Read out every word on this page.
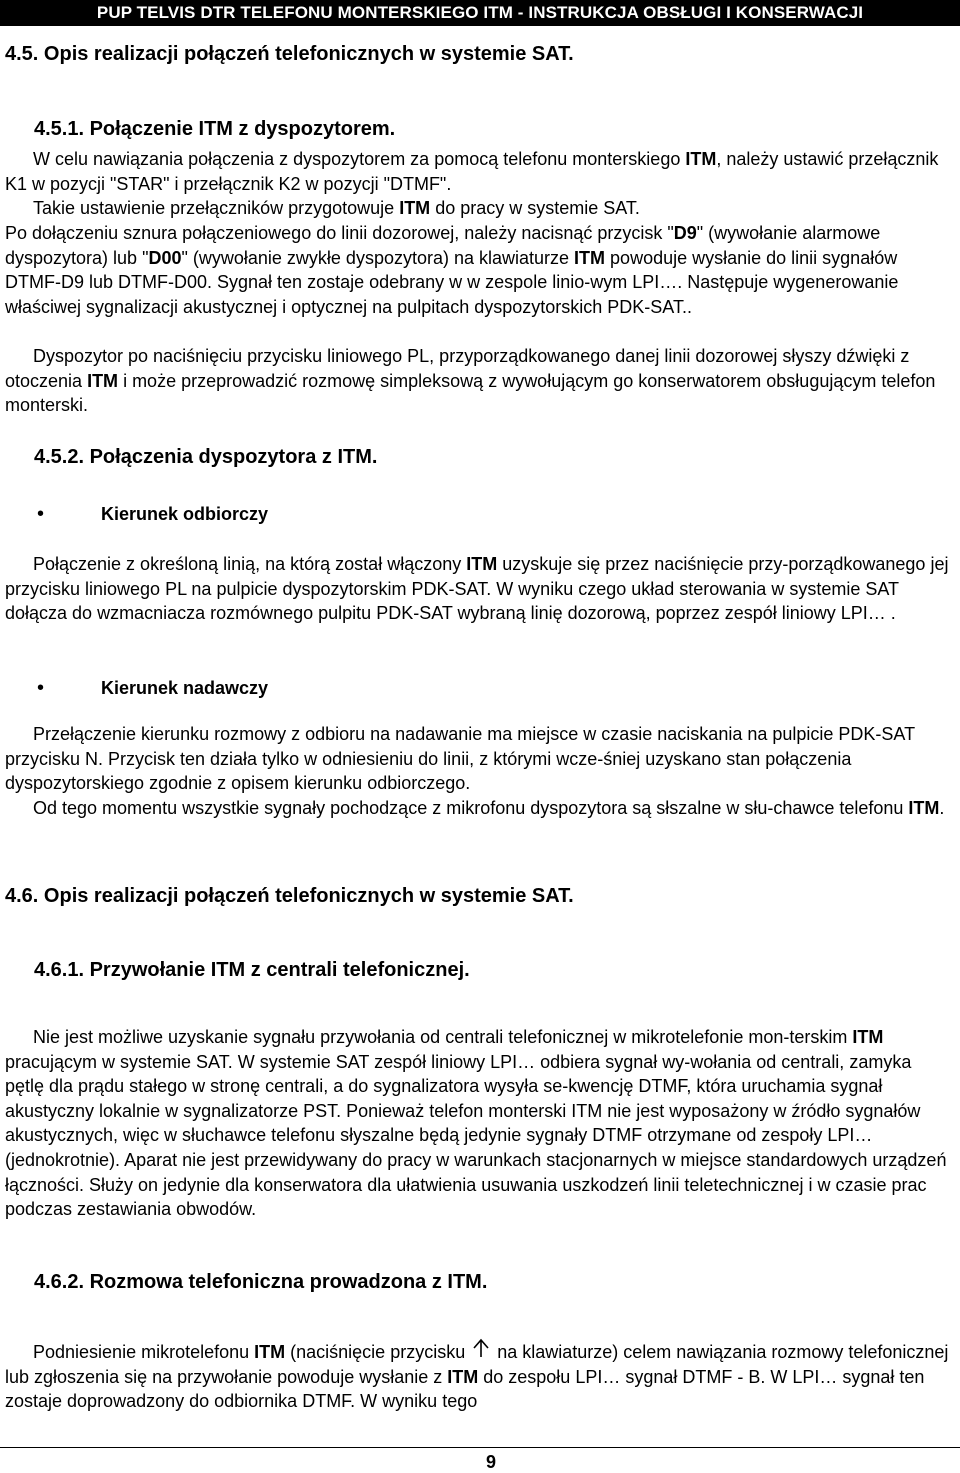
PUP TELVIS DTR TELEFONU MONTERSKIEGO ITM - INSTRUKCJA OBSŁUGI I KONSERWACJI
4.5. Opis realizacji połączeń telefonicznych w systemie SAT.
4.5.1. Połączenie ITM z dyspozytorem.
W celu nawiązania połączenia z dyspozytorem za pomocą telefonu monterskiego ITM, należy ustawić przełącznik K1 w pozycji "STAR" i przełącznik K2 w pozycji "DTMF".
Takie ustawienie przełączników przygotowuje ITM do pracy w systemie SAT.
Po dołączeniu sznura połączeniowego do linii dozorowej, należy nacisnąć przycisk "D9" (wywołanie alarmowe dyspozytora) lub "D00" (wywołanie zwykłe dyspozytora) na klawiaturze ITM powoduje wysłanie do linii sygnałów DTMF-D9 lub DTMF-D00. Sygnał ten zostaje odebrany w w zespole linio-wym LPI…. Następuje wygenerowanie właściwej sygnalizacji akustycznej i optycznej na pulpitach dyspozytorskich PDK-SAT..
Dyspozytor po naciśnięciu przycisku liniowego PL, przyporządkowanego danej linii dozorowej słyszy dźwięki z otoczenia ITM i może przeprowadzić rozmowę simpleksową z wywołującym go konserwatorem obsługującym telefon monterski.
4.5.2. Połączenia dyspozytora z ITM.
•	Kierunek odbiorczy
Połączenie z określoną linią, na którą został włączony ITM uzyskuje się przez naciśnięcie przy-porządkowanego jej przycisku liniowego PL na pulpicie dyspozytorskim PDK-SAT. W wyniku czego układ sterowania w systemie SAT dołącza do wzmacniacza rozmównego pulpitu PDK-SAT wybraną linię dozorową, poprzez zespół liniowy LPI… .
•	Kierunek nadawczy
Przełączenie kierunku rozmowy z odbioru na nadawanie ma miejsce w czasie naciskania na pulpicie PDK-SAT przycisku N. Przycisk ten działa tylko w odniesieniu do linii, z którymi wcze-śniej uzyskano stan połączenia dyspozytorskiego zgodnie z opisem kierunku odbiorczego.
Od tego momentu wszystkie sygnały pochodzące z mikrofonu dyspozytora są słszalne w słu-chawce telefonu ITM.
4.6. Opis realizacji połączeń telefonicznych w systemie SAT.
4.6.1. Przywołanie ITM z centrali telefonicznej.
Nie jest możliwe uzyskanie sygnału przywołania od centrali telefonicznej w mikrotelefonie mon-terskim ITM pracującym w systemie SAT. W systemie SAT zespół liniowy LPI… odbiera sygnał wy-wołania od centrali, zamyka pętlę dla prądu stałego w stronę centrali, a do sygnalizatora wysyła se-kwencję DTMF, która uruchamia sygnał akustyczny lokalnie w sygnalizatorze PST. Ponieważ telefon monterski ITM nie jest wyposażony w źródło sygnałów akustycznych, więc w słuchawce telefonu słyszalne będą jedynie sygnały DTMF otrzymane od zespoły LPI… (jednokrotnie). Aparat nie jest przewidywany do pracy w warunkach stacjonarnych w miejsce standardowych urządzeń łączności. Służy on jedynie dla konserwatora dla ułatwienia usuwania uszkodzeń linii teletechnicznej i w czasie prac podczas zestawiania obwodów.
4.6.2. Rozmowa telefoniczna prowadzona z ITM.
Podniesienie mikrotelefonu ITM (naciśnięcie przycisku  na klawiaturze) celem nawiązania rozmowy telefonicznej lub zgłoszenia się na przywołanie powoduje wysłanie z ITM do zespołu LPI… sygnał DTMF - B. W LPI… sygnał ten zostaje doprowadzony do odbiornika DTMF. W wyniku tego
9
